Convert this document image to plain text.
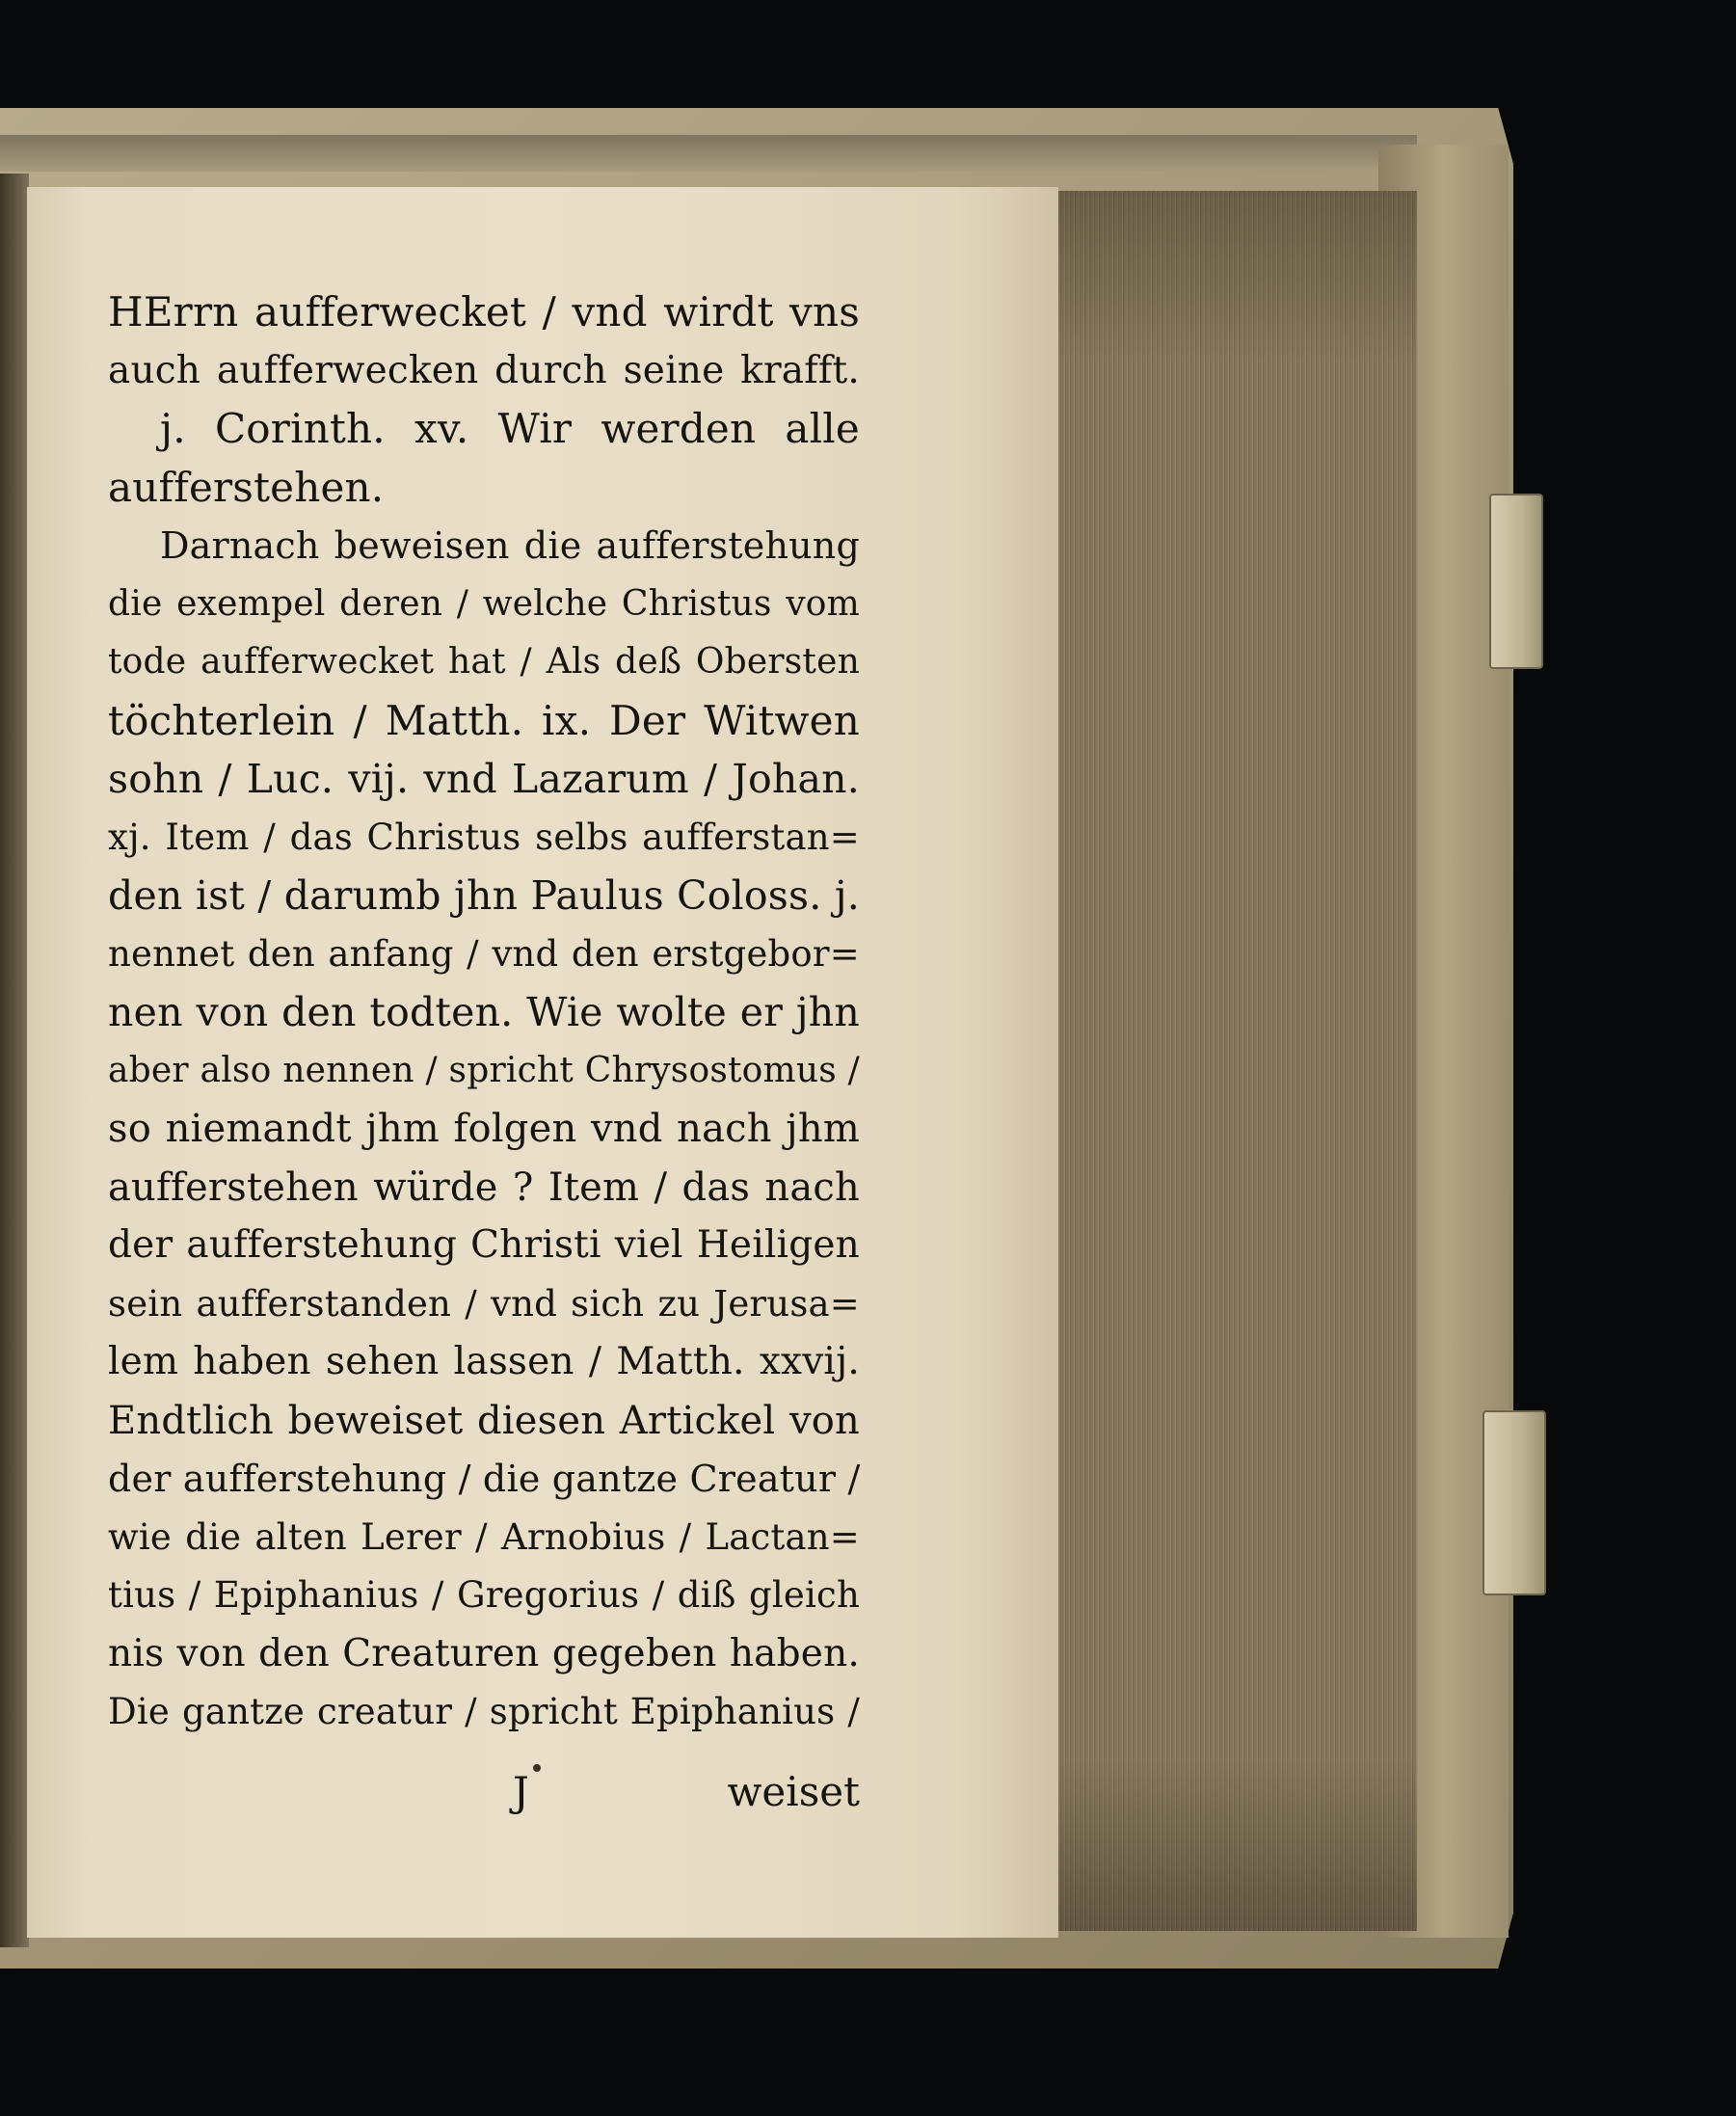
HErrn aufferwecket / vnd wirdt vns
auch aufferwecken durch seine krafft.
j. Corinth. xv. Wir werden alle
aufferstehen.
Darnach beweisen die aufferstehung
die exempel deren / welche Christus vom
tode aufferwecket hat / Als deß Obersten
töchterlein / Matth. ix. Der Witwen
sohn / Luc. vij. vnd Lazarum / Johan.
xj. Item / das Christus selbs aufferstan=
den ist / darumb jhn Paulus Coloss. j.
nennet den anfang / vnd den erstgebor=
nen von den todten. Wie wolte er jhn
aber also nennen / spricht Chrysostomus /
so niemandt jhm folgen vnd nach jhm
aufferstehen würde ? Item / das nach
der aufferstehung Christi viel Heiligen
sein aufferstanden / vnd sich zu Jerusa=
lem haben sehen lassen / Matth. xxvij.
Endtlich beweiset diesen Artickel von
der aufferstehung / die gantze Creatur /
wie die alten Lerer / Arnobius / Lactan=
tius / Epiphanius / Gregorius / diß gleich
nis von den Creaturen gegeben haben.
Die gantze creatur / spricht Epiphanius /
J	weiset
